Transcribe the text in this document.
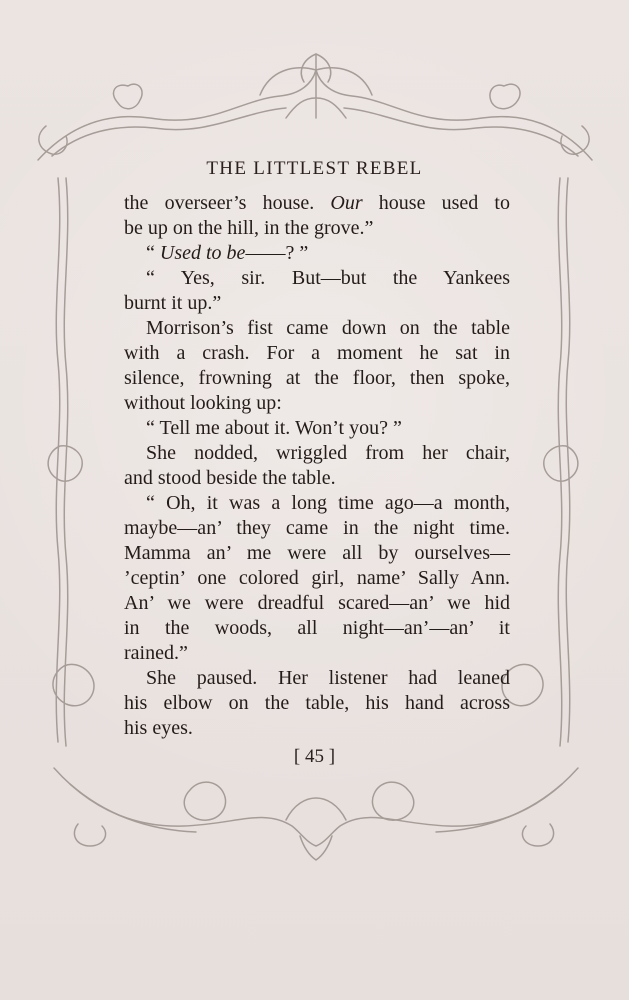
THE LITTLEST REBEL
the overseer’s house. Our house used to
be up on the hill, in the grove.”
“ Used to be——? ”
“ Yes, sir. But—but the Yankees
burnt it up.”
Morrison’s fist came down on the table
with a crash. For a moment he sat in
silence, frowning at the floor, then spoke,
without looking up:
“ Tell me about it. Won’t you? ”
She nodded, wriggled from her chair,
and stood beside the table.
“ Oh, it was a long time ago—a month,
maybe—an’ they came in the night time.
Mamma an’ me were all by ourselves—
’ceptin’ one colored girl, name’ Sally Ann.
An’ we were dreadful scared—an’ we hid
in the woods, all night—an’—an’ it
rained.”
She paused. Her listener had leaned
his elbow on the table, his hand across
his eyes.
[ 45 ]
